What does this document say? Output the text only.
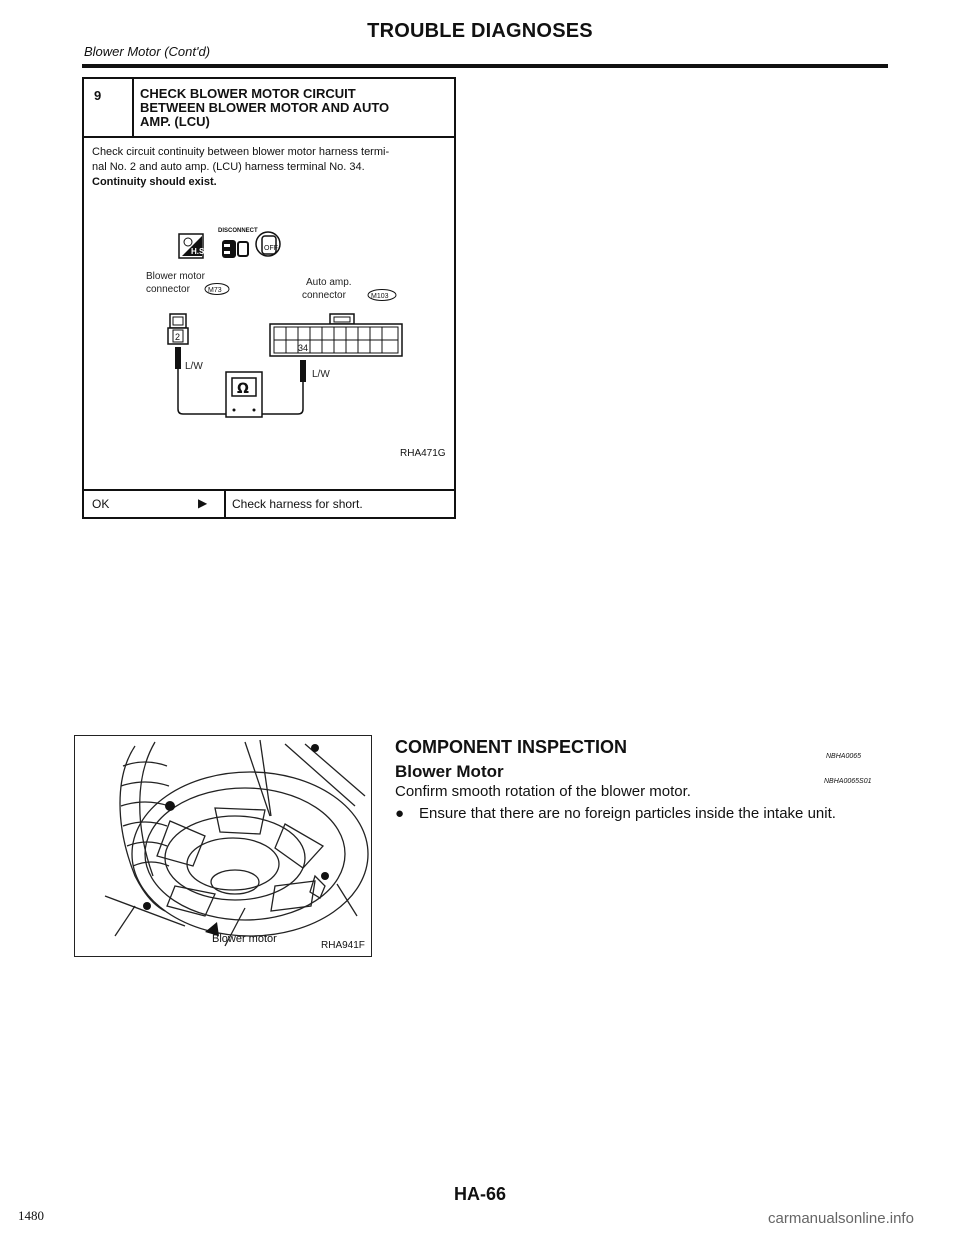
Blower Motor (Cont'd)
TROUBLE DIAGNOSES
9	CHECK BLOWER MOTOR CIRCUIT
BETWEEN BLOWER MOTOR AND AUTO
AMP. (LCU)
Check circuit continuity between blower motor harness termi-
nal No. 2 and auto amp. (LCU) harness terminal No. 34.
Continuity should exist.
H.S.
DISCONNECT
OFF
Blower motor
connector	M73
Auto amp.
connector	M103
2
34
L/W
L/W
Ω
RHA471G
OK	▶ Check harness for short.
Blower motor
RHA941F
COMPONENT INSPECTION	NBHA0065
Blower Motor
NBHA0065S01
Confirm smooth rotation of the blower motor.
● Ensure that there are no foreign particles inside the intake unit.
HA-66
1480	carmanualsonline.info
